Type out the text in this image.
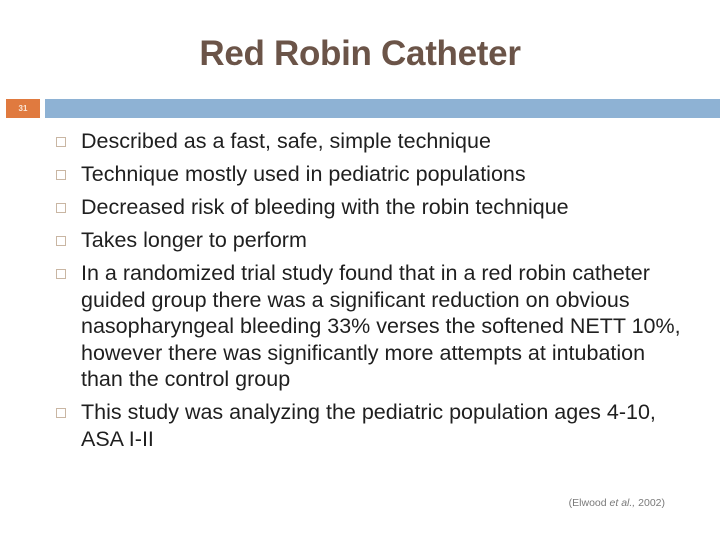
Red Robin Catheter
31
Described as a fast, safe, simple technique
Technique mostly used in pediatric populations
Decreased risk of bleeding with the robin technique
Takes longer to perform
In a randomized trial study found that in a red robin catheter guided group there was a significant reduction on obvious nasopharyngeal bleeding 33% verses the softened NETT 10%, however there was significantly more attempts at intubation than the control group
This study was analyzing the pediatric population ages 4-10, ASA I-II
(Elwood et al., 2002)
